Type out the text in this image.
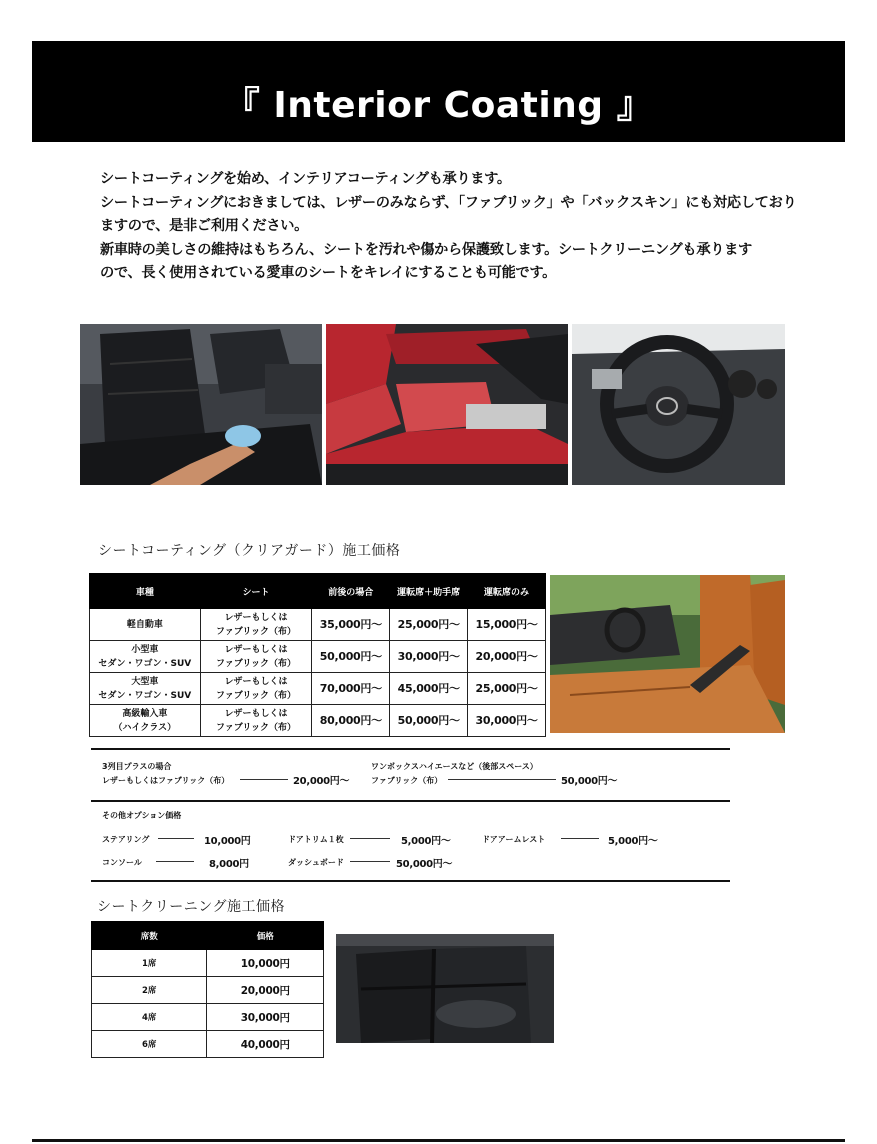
『 Interior Coating 』

シートコーティングを始め、インテリアコーティングも承ります。

シートコーティングにおきましては、レザーのみならず、「ファブリック」や「バックスキン」にも対応しており

ますので、是非ご利用ください。

新車時の美しさの維持はもちろん、シートを汚れや傷から保護致します。シートクリーニングも承ります

ので、長く使用されている愛車のシートをキレイにすることも可能です。

シートコーティング（クリアガード）施工価格
車種	シート	前後の場合	運転席＋助手席	運転席のみ
軽自動車	レザーもしくは
ファブリック（布）	35,000円〜	25,000円〜	15,000円〜
小型車
セダン・ワゴン・SUV	レザーもしくは
ファブリック（布）	50,000円〜	30,000円〜	20,000円〜
大型車
セダン・ワゴン・SUV	レザーもしくは
ファブリック（布）	70,000円〜	45,000円〜	25,000円〜
高級輸入車
（ハイクラス）	レザーもしくは
ファブリック（布）	80,000円〜	50,000円〜	30,000円〜
3列目プラスの場合
レザーもしくはファブリック（布）	20,000円〜
ワンボックスハイエースなど（後部スペース）
ファブリック（布）	50,000円〜
その他オプション価格
ステアリング	10,000円	ドアトリム１枚	5,000円〜	ドアアームレスト	5,000円〜
コンソール	8,000円	ダッシュボード	50,000円〜
シートクリーニング施工価格
席数	価格
1席	10,000円
2席	20,000円
4席	30,000円
6席	40,000円
